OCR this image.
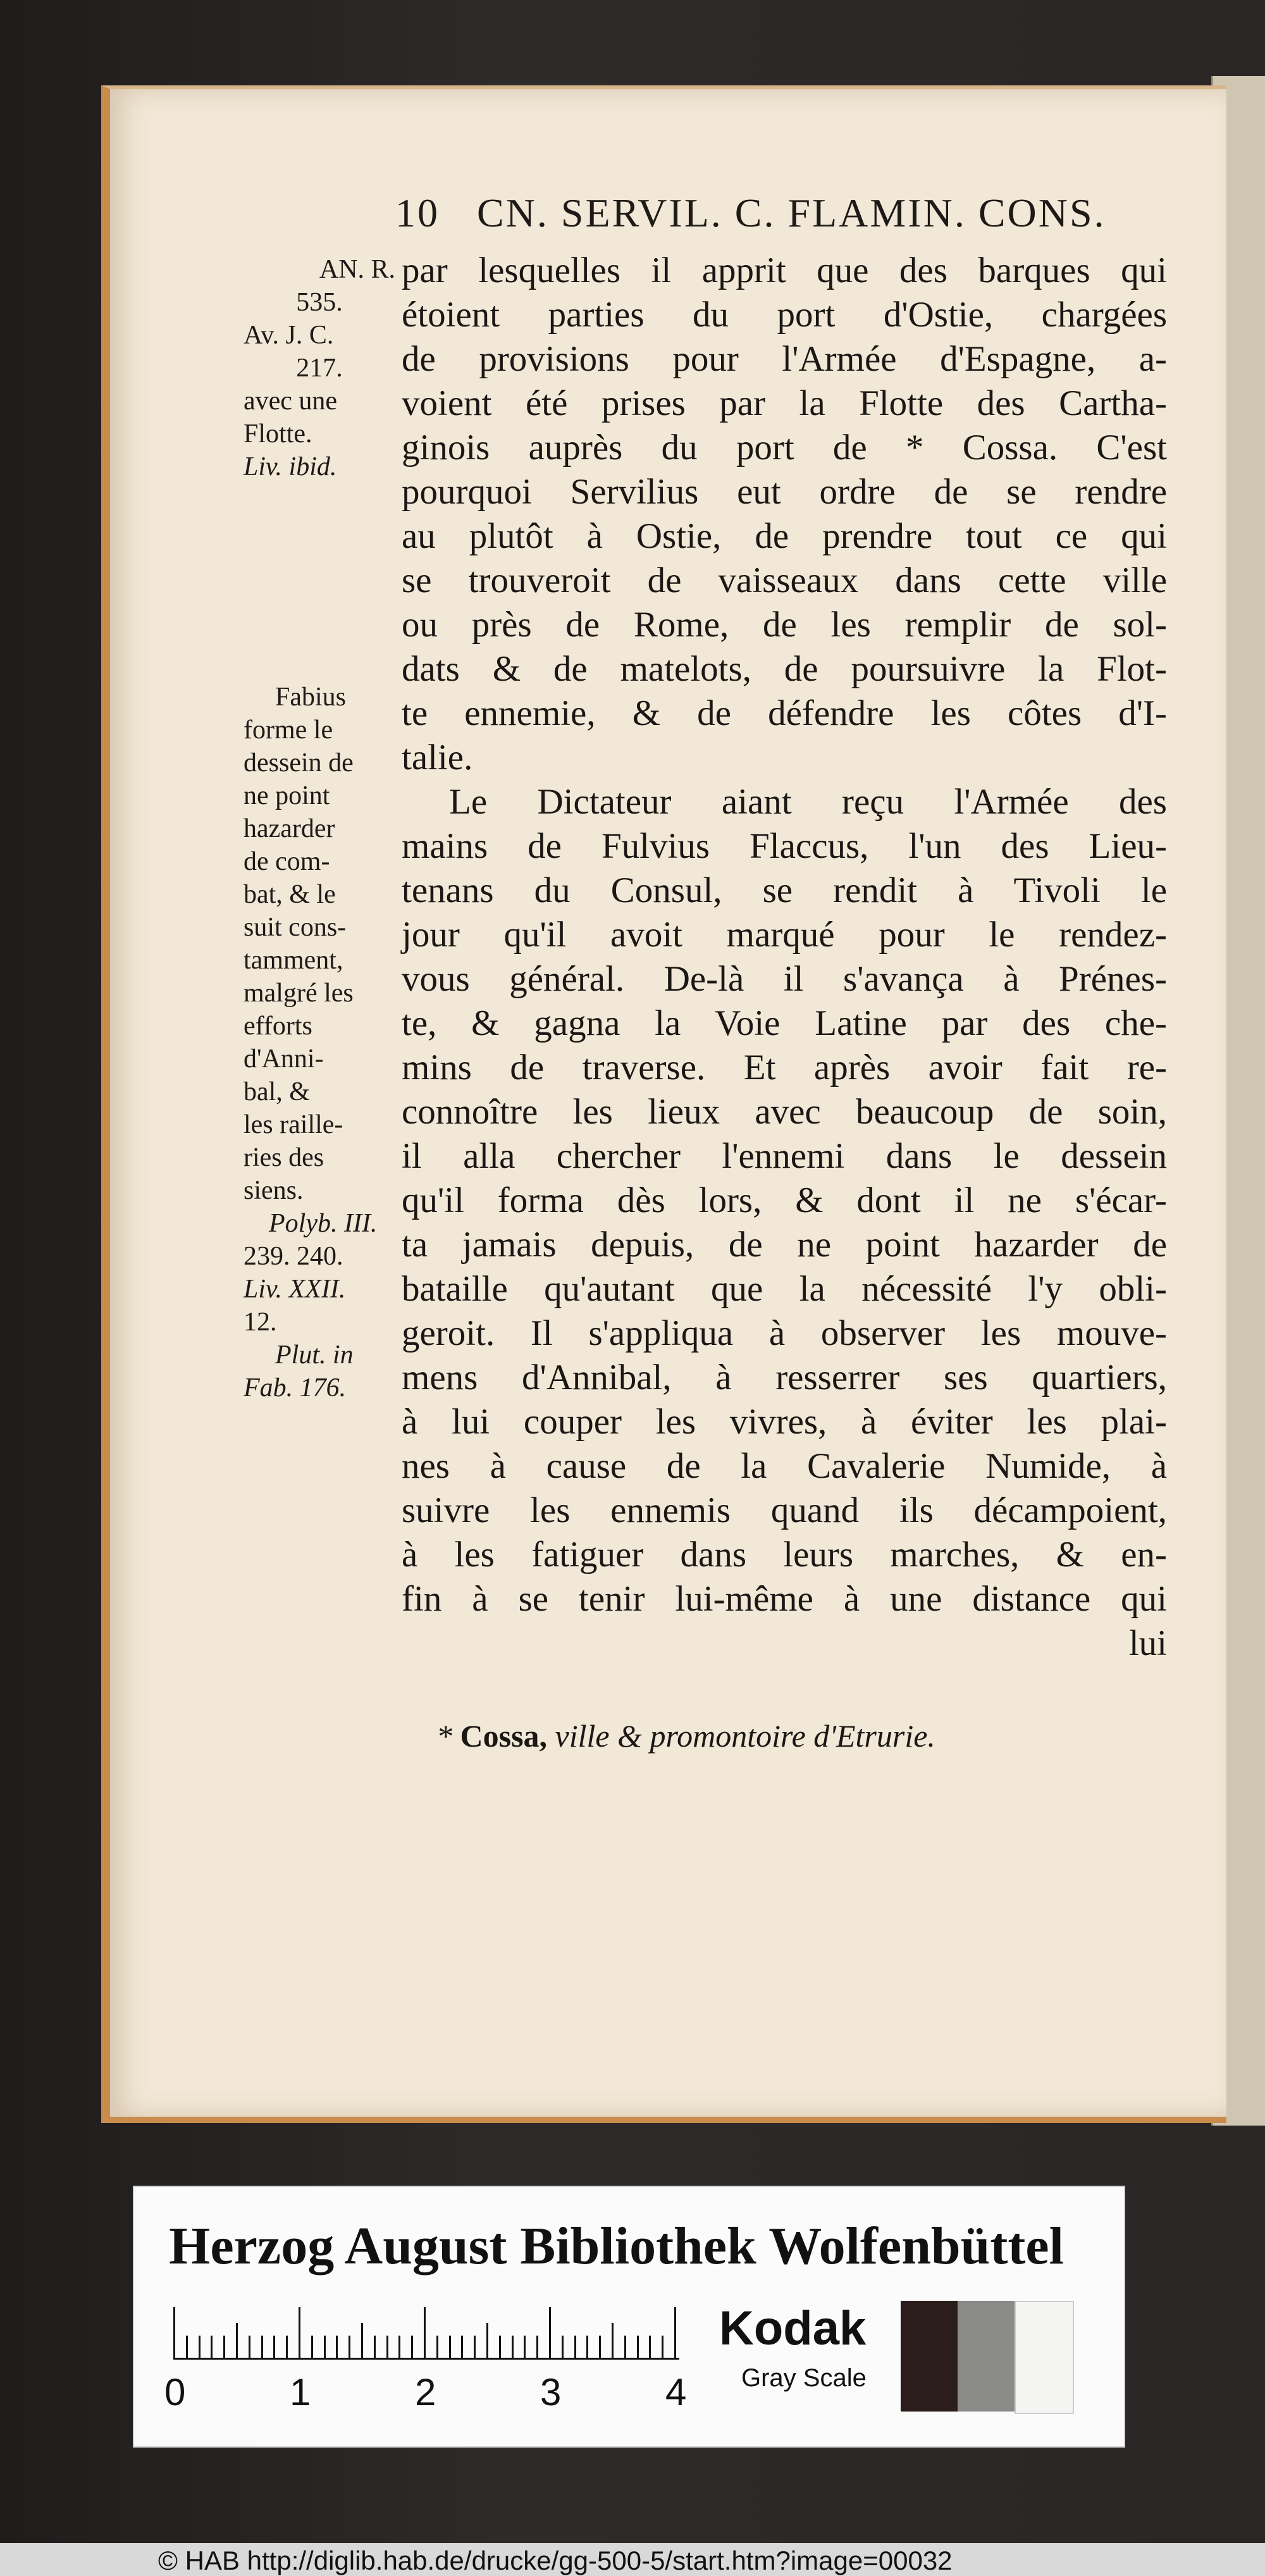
10 CN. SERVIL. C. FLAMIN. CONS.

AN. R.

535.

Av. J. C.

217.

avec une

Flotte.

Liv. ibid.

Fabius

forme le

dessein de

ne point

hazarder

de com-

bat, & le

suit cons-

tamment,

malgré les

efforts

d'Anni-

bal, &

les raille-

ries des

siens.

Polyb. III.

239. 240.

Liv. XXII.

12.

Plut. in

Fab. 176.

par lesquelles il apprit que des barques qui
étoient parties du port d'Ostie, chargées
de provisions pour l'Armée d'Espagne, a-
voient été prises par la Flotte des Cartha-
ginois auprès du port de * Cossa. C'est
pourquoi Servilius eut ordre de se rendre
au plutôt à Ostie, de prendre tout ce qui
se trouveroit de vaisseaux dans cette ville
ou près de Rome, de les remplir de sol-
dats & de matelots, de poursuivre la Flot-
te ennemie, & de défendre les côtes d'I-
talie.
Le Dictateur aiant reçu l'Armée des
mains de Fulvius Flaccus, l'un des Lieu-
tenans du Consul, se rendit à Tivoli le
jour qu'il avoit marqué pour le rendez-
vous général. De-là il s'avança à Prénes-
te, & gagna la Voie Latine par des che-
mins de traverse. Et après avoir fait re-
connoître les lieux avec beaucoup de soin,
il alla chercher l'ennemi dans le dessein
qu'il forma dès lors, & dont il ne s'écar-
ta jamais depuis, de ne point hazarder de
bataille qu'autant que la nécessité l'y obli-
geroit. Il s'appliqua à observer les mouve-
mens d'Annibal, à resserrer ses quartiers,
à lui couper les vivres, à éviter les plai-
nes à cause de la Cavalerie Numide, à
suivre les ennemis quand ils décampoient,
à les fatiguer dans leurs marches, & en-
fin à se tenir lui-même à une distance qui
lui
* Cossa, ville & promontoire d'Etrurie.
Herzog August Bibliothek Wolfenbüttel
0	1	2	3	4
Kodak
Gray Scale
© HAB http://diglib.hab.de/drucke/gg-500-5/start.htm?image=00032
